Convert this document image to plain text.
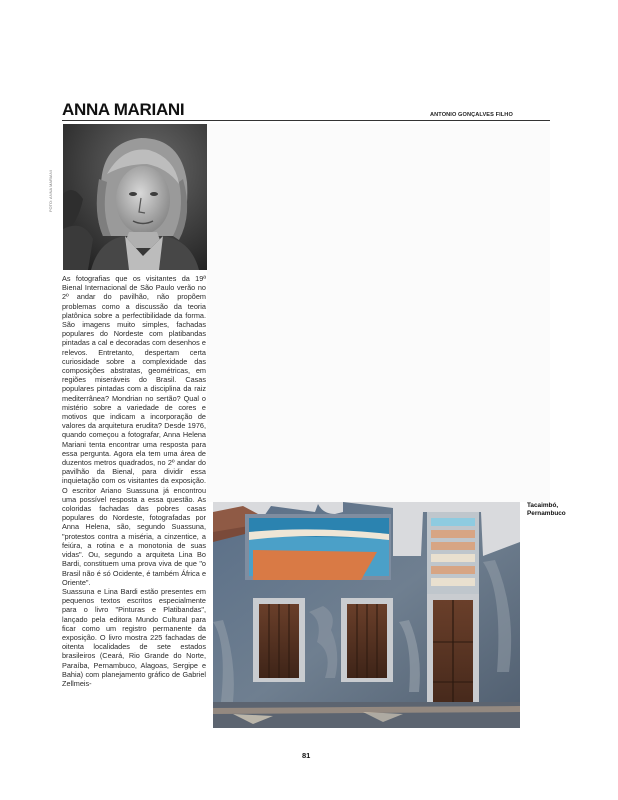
ANNA MARIANI	ANTONIO GONÇALVES FILHO
FOTO: ANNA MARIANI

As fotografias que os visitantes da 19ª Bienal Internacional de São Paulo verão no 2º andar do pavilhão, não propõem problemas como a discussão da teoria platônica sobre a perfectibilidade da forma. São imagens muito simples, fachadas populares do Nordeste com platibandas pintadas a cal e decoradas com desenhos e relevos. Entretanto, despertam certa curiosidade sobre a complexidade das composições abstratas, geométricas, em regiões miseráveis do Brasil. Casas populares pintadas com a disciplina da raiz mediterrânea? Mondrian no sertão? Qual o mistério sobre a variedade de cores e motivos que indicam a incorporação de valores da arquitetura erudita? Desde 1976, quando começou a fotografar, Anna Helena Mariani tenta encontrar uma resposta para essa pergunta. Agora ela tem uma área de duzentos metros quadrados, no 2º andar do pavilhão da Bienal, para dividir essa inquietação com os visitantes da exposição. O escritor Ariano Suassuna já encontrou uma possível resposta a essa questão. As coloridas fachadas das pobres casas populares do Nordeste, fotografadas por Anna Helena, são, segundo Suassuna, "protestos contra a miséria, a cinzentice, a feiúra, a rotina e a monotonia de suas vidas". Ou, segundo a arquiteta Lina Bo Bardi, constituem uma prova viva de que "o Brasil não é só Ocidente, é também África e Oriente".

Suassuna e Lina Bardi estão presentes em pequenos textos escritos especialmente para o livro "Pinturas e Platibandas", lançado pela editora Mundo Cultural para ficar como um registro permanente da exposição. O livro mostra 225 fachadas de oitenta localidades de sete estados brasileiros (Ceará, Rio Grande do Norte, Paraíba, Pernambuco, Alagoas, Sergipe e Bahia) com planejamento gráfico de Gabriel Zellmeis-

Tacaimbó,
Pernambuco
81
